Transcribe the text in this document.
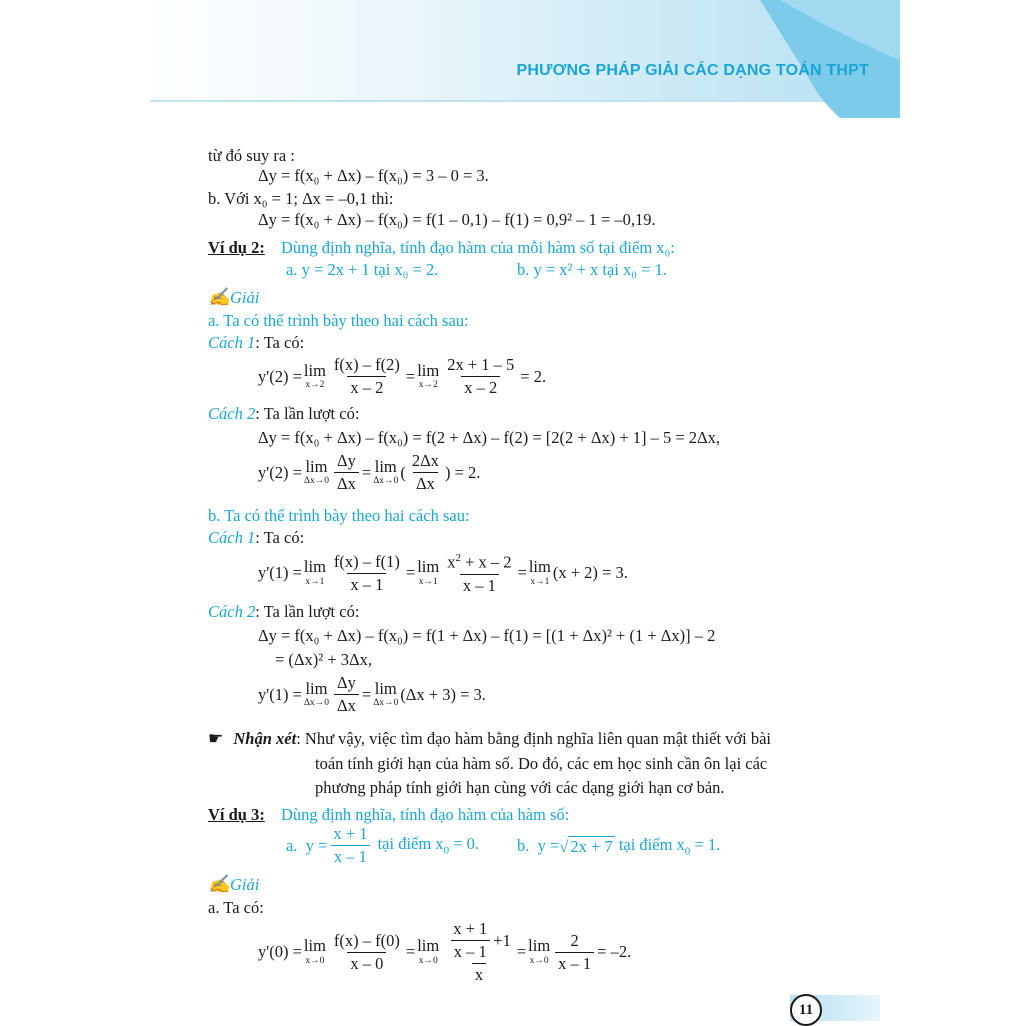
PHƯƠNG PHÁP GIẢI CÁC DẠNG TOÁN THPT
từ đó suy ra :
Δy = f(x₀ + Δx) – f(x₀) = 3 – 0 = 3.
b. Với x₀ = 1; Δx = –0,1 thì:
Δy = f(x₀ + Δx) – f(x₀) = f(1 – 0,1) – f(1) = 0,9² – 1 = –0,19.
Ví dụ 2: Dùng định nghĩa, tính đạo hàm của mỗi hàm số tại điểm x₀:
a. y = 2x + 1 tại x₀ = 2.	b. y = x² + x tại x₀ = 1.
✍Giải
a. Ta có thể trình bày theo hai cách sau:
Cách 1: Ta có:
y'(2) = lim
$x\to 2 \frac{f(x) - f(2)}{x - 2} = \lim$
$x\to 2 \frac{2x + 1 - 5}{x - 2} = 2$.
Cách 2: Ta lần lượt có:
Δy = f(x₀ + Δx) – f(x₀) = f(2 + Δx) – f(2) = [2(2 + Δx) + 1] – 5 = 2Δx,
y'(2) = lim
$\Delta x\to 0 \frac{\Delta y}{\Delta x} = \lim$
Δx→0 ( $\frac{2\Delta x}{\Delta x}$ ) = 2.
b. Ta có thể trình bày theo hai cách sau:
Cách 1: Ta có:
y'(1) = lim
$x\to 1 \frac{f(x) - f(1)}{x - 1} = \lim$
$x\to 1 \frac{x^2 + x - 2}{x - 1} = \lim$
x→1 (x + 2) = 3.
Cách 2: Ta lần lượt có:
Δy = f(x₀ + Δx) – f(x₀) = f(1 + Δx) – f(1) = [(1 + Δx)² + (1 + Δx)] – 2
= (Δx)² + 3Δx,
y'(1) = lim
$\Delta x\to 0 \frac{\Delta y}{\Delta x} = \lim$
Δx→0 (Δx + 3) = 3.
☛ Nhận xét: Như vậy, việc tìm đạo hàm bằng định nghĩa liên quan mật thiết với bài
toán tính giới hạn của hàm số. Do đó, các em học sinh cần ôn lại các
phương pháp tính giới hạn cùng với các dạng giới hạn cơ bản.
Ví dụ 3: Dùng định nghĩa, tính đạo hàm của hàm số:
a.  $y = \frac{x + 1}{x - 1}$ tại điểm $x_0 = 0$. b.  y = √ 2x + 7 tại điểm $x_0 = 1$.
✍Giải
a. Ta có:
y'(0) = lim
$x\to 0 \frac{f(x) - f(0)}{x - 0} = \lim$
$x\to 0 \frac{\frac{x + 1}{x - 1} +1}{x} = \lim$
$x\to 0 \frac{2}{x - 1} = -2$.
11
